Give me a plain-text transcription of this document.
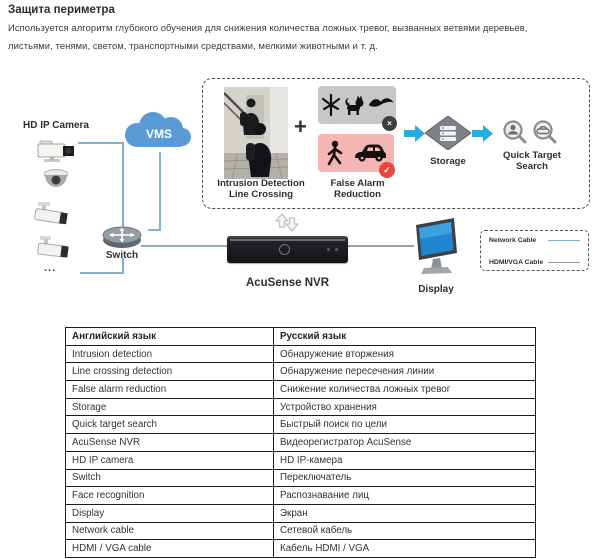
Защита периметра
Используется алгоритм глубокого обучения для снижения количества ложных тревог, вызванных ветвями деревьев,
листьями, тенями, светом, транспортными средствами, мелкими животными и т. д.
HD IP Camera
...
VMS
Switch
Intrusion Detection
Line Crossing
+	×
✓
False Alarm
Reduction
Storage
Quick Target
Search
AcuSense NVR
Display
Network Cable
HDMI/VGA Cable
Английский язык	Русский язык
Intrusion detection	Обнаружение вторжения
Line crossing detection	Обнаружение пересечения линии
False alarm reduction	Снижение количества ложных тревог
Storage	Устройство хранения
Quick target search	Быстрый поиск по цели
AcuSense NVR	Видеорегистратор AcuSense
HD IP camera	HD IP-камера
Switch	Переключатель
Face recognition	Распознавание лиц
Display	Экран
Network cable	Сетевой кабель
HDMI / VGA cable	Кабель HDMI / VGA
